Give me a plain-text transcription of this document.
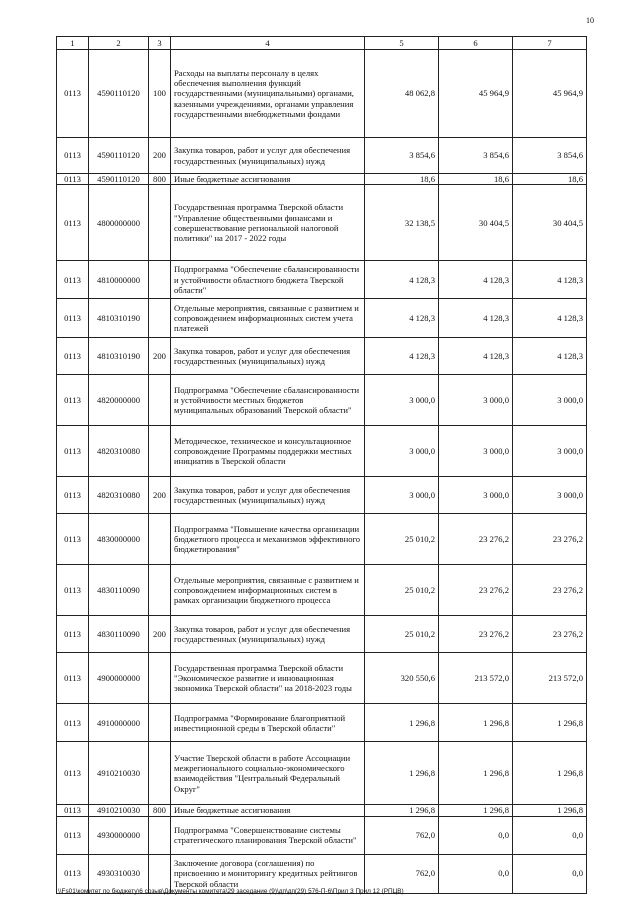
10
1	2	3	4	5	6	7
0113	4590110120	100	Расходы на выплаты персоналу в целях обеспечения выполнения функций государственными (муниципальными) органами, казенными учреждениями, органами управления государственными внебюджетными фондами	48 062,8	45 964,9	45 964,9
0113	4590110120	200	Закупка товаров, работ и услуг для обеспечения государственных (муниципальных) нужд	3 854,6	3 854,6	3 854,6
0113	4590110120	800	Иные бюджетные ассигнования	18,6	18,6	18,6
0113	4800000000		Государственная программа Тверской области "Управление общественными финансами и совершенствование региональной налоговой политики" на 2017 - 2022 годы	32 138,5	30 404,5	30 404,5
0113	4810000000		Подпрограмма "Обеспечение сбалансированности и устойчивости областного бюджета Тверской области"	4 128,3	4 128,3	4 128,3
0113	4810310190		Отдельные мероприятия, связанные с развитием и сопровождением информационных систем учета платежей	4 128,3	4 128,3	4 128,3
0113	4810310190	200	Закупка товаров, работ и услуг для обеспечения государственных (муниципальных) нужд	4 128,3	4 128,3	4 128,3
0113	4820000000		Подпрограмма "Обеспечение сбалансированности и устойчивости местных бюджетов муниципальных образований Тверской области"	3 000,0	3 000,0	3 000,0
0113	4820310080		Методическое, техническое и консультационное сопровождение Программы поддержки местных инициатив в Тверской области	3 000,0	3 000,0	3 000,0
0113	4820310080	200	Закупка товаров, работ и услуг для обеспечения государственных (муниципальных) нужд	3 000,0	3 000,0	3 000,0
0113	4830000000		Подпрограмма "Повышение качества организации бюджетного процесса и механизмов эффективного бюджетирования"	25 010,2	23 276,2	23 276,2
0113	4830110090		Отдельные мероприятия, связанные с развитием и сопровождением информационных систем в рамках организации бюджетного процесса	25 010,2	23 276,2	23 276,2
0113	4830110090	200	Закупка товаров, работ и услуг для обеспечения государственных (муниципальных) нужд	25 010,2	23 276,2	23 276,2
0113	4900000000		Государственная программа Тверской области "Экономическое развитие и инновационная экономика Тверской области" на 2018-2023 годы	320 550,6	213 572,0	213 572,0
0113	4910000000		Подпрограмма "Формирование благоприятной инвестиционной среды в Тверской области"	1 296,8	1 296,8	1 296,8
0113	4910210030		Участие Тверской области в работе Ассоциации межрегионального социально-экономического взаимодействия "Центральный Федеральный Округ"	1 296,8	1 296,8	1 296,8
0113	4910210030	800	Иные бюджетные ассигнования	1 296,8	1 296,8	1 296,8
0113	4930000000		Подпрограмма "Совершенствование системы стратегического планирования Тверской области"	762,0	0,0	0,0
0113	4930310030		Заключение договора (соглашения) по присвоению и мониторингу кредитных рейтингов Тверской области	762,0	0,0	0,0
\\Fs01\комитет по бюджету\6 созыв\Документы комитета\29 заседание (9)\дп\дп(29) 576-П-6\Прил 3 Прил 12 (РПЦВ)
